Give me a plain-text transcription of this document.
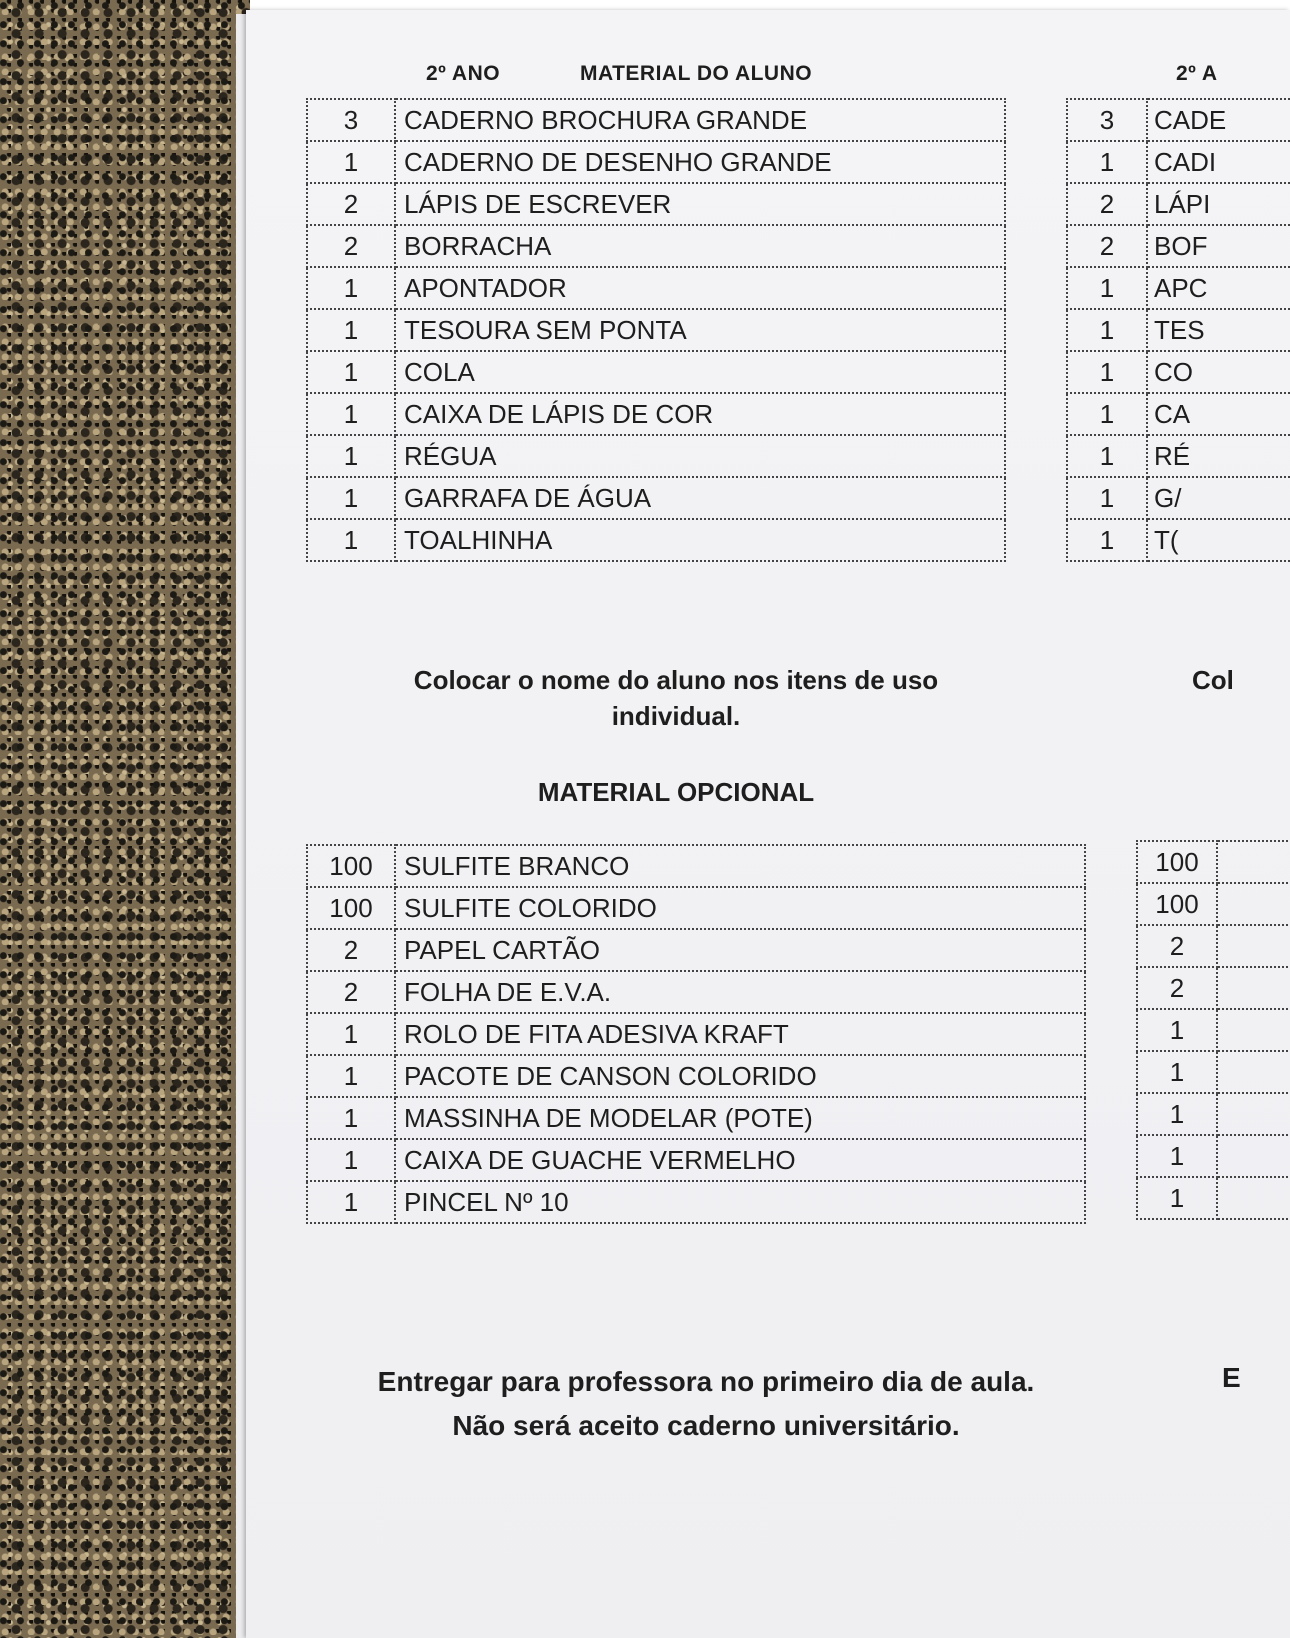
2º ANO	MATERIAL DO ALUNO
3	CADERNO BROCHURA GRANDE
1	CADERNO DE DESENHO GRANDE
2	LÁPIS DE ESCREVER
2	BORRACHA
1	APONTADOR
1	TESOURA SEM PONTA
1	COLA
1	CAIXA DE LÁPIS DE COR
1	RÉGUA
1	GARRAFA DE ÁGUA
1	TOALHINHA
Colocar o nome do aluno nos itens de uso
individual.
MATERIAL OPCIONAL
100	SULFITE BRANCO
100	SULFITE COLORIDO
2	PAPEL CARTÃO
2	FOLHA DE E.V.A.
1	ROLO DE FITA ADESIVA KRAFT
1	PACOTE DE CANSON COLORIDO
1	MASSINHA DE MODELAR (POTE)
1	CAIXA DE GUACHE VERMELHO
1	PINCEL Nº 10
Entregar para professora no primeiro dia de aula.
Não será aceito caderno universitário.
2º A
3	CADE
1	CADI
2	LÁPI
2	BOF
1	APC
1	TES
1	CO
1	CA
1	RÉ
1	G/
1	T(
Col
100	
100	
2	
2	
1	
1	
1	
1	
1	
E
